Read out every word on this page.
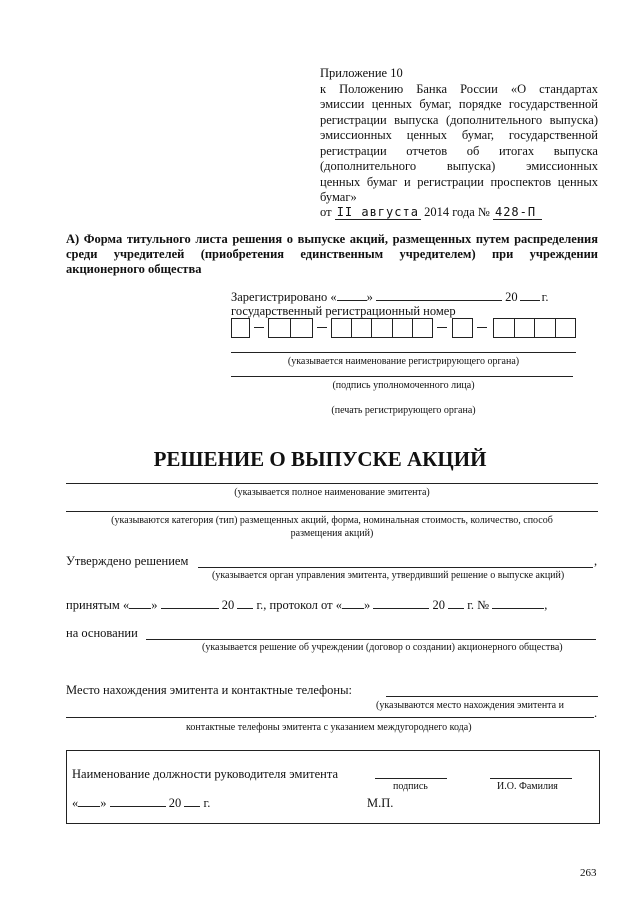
Приложение 10
к Положению Банка России «О стандартах
эмиссии ценных бумаг, порядке государственной
регистрации выпуска (дополнительного выпуска)
эмиссионных ценных бумаг, государственной
регистрации отчетов об итогах выпуска
(дополнительного выпуска) эмиссионных
ценных бумаг и регистрации проспектов ценных
бумаг»
от II августа 2014 года № 428-П
А) Форма титульного листа решения о выпуске акций, размещенных путем распределения среди учредителей (приобретения единственным учредителем) при учреждении акционерного общества
Зарегистрировано « »	20 г.
государственный регистрационный номер
(указывается наименование регистрирующего органа)
(подпись уполномоченного лица)
(печать регистрирующего органа)
РЕШЕНИЕ О ВЫПУСКЕ АКЦИЙ
(указывается полное наименование эмитента)
(указываются категория (тип) размещенных акций, форма, номинальная стоимость, количество, способ
размещения акций)
Утверждено решением	,
(указывается орган управления эмитента, утвердивший решение о выпуске акций)
принятым « »	20 г., протокол от « »	20 г. №	,
на основании
(указывается решение об учреждении (договор о создании) акционерного общества)
Место нахождения эмитента и контактные телефоны:
(указываются место нахождения эмитента и
.
контактные телефоны эмитента с указанием междугороднего кода)
Наименование должности руководителя эмитента
подпись	И.О. Фамилия
« »	20 г.	М.П.
263
